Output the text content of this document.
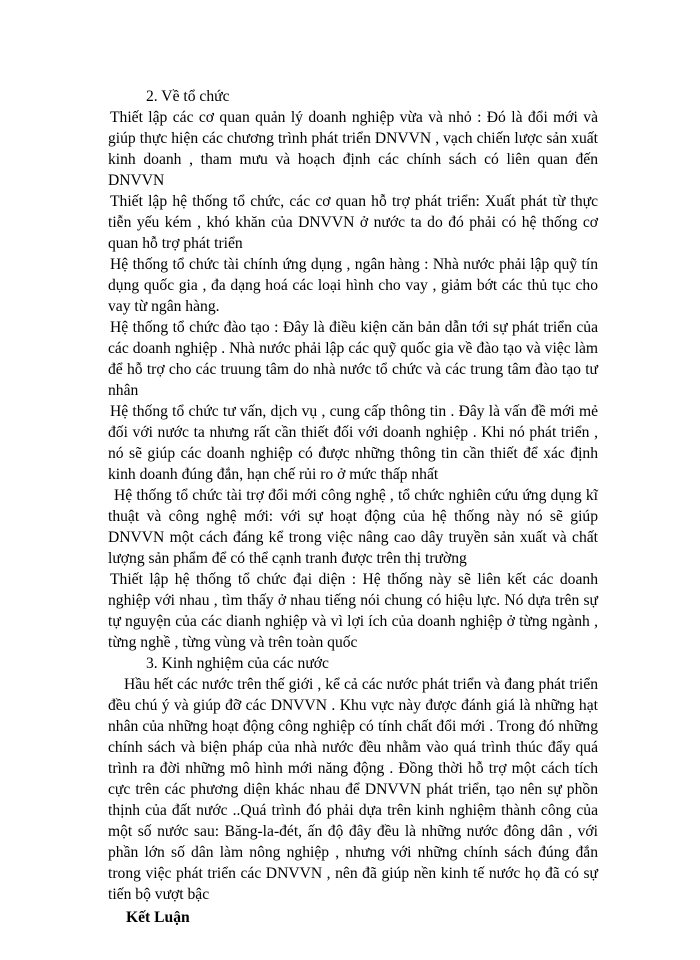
2. Về tổ chức

Thiết lập các cơ quan quản lý doanh nghiệp vừa và nhỏ : Đó là đổi mới và giúp thực hiện các chương trình phát triển DNVVN , vạch chiến lược sản xuất kinh doanh , tham mưu và hoạch định các chính sách có liên quan đến DNVVN

Thiết lập hệ thống tổ chức, các cơ quan hỗ trợ phát triển: Xuất phát từ thực tiễn yếu kém , khó khăn của DNVVN ở nước ta do đó phải có hệ thống cơ quan hỗ trợ phát triển

Hệ thống tổ chức tài chính ứng dụng , ngân hàng : Nhà nước phải lập quỹ tín dụng quốc gia , đa dạng hoá các loại hình cho vay , giảm bớt các thủ tục cho vay từ ngân hàng.

Hệ thống tổ chức đào tạo : Đây là điều kiện căn bản dẫn tới sự phát triển của các doanh nghiệp . Nhà nước phải lập các quỹ quốc gia về đào tạo và việc làm để hỗ trợ cho các truung tâm do nhà nước tổ chức và các trung tâm đào tạo tư nhân

Hệ thống tổ chức tư vấn, dịch vụ , cung cấp thông tin . Đây là vấn đề mới mẻ đối với nước ta nhưng rất cần thiết đối với doanh nghiệp . Khi nó phát triển , nó sẽ giúp các doanh nghiệp có được những thông tin cần thiết để xác định kinh doanh đúng đắn, hạn chế rủi ro ở mức thấp nhất

Hệ thống tổ chức tài trợ đổi mới công nghệ , tổ chức nghiên cứu ứng dụng kĩ thuật và công nghệ mới: với sự hoạt động của hệ thống này nó sẽ giúp DNVVN một cách đáng kể trong việc nâng cao dây truyền sản xuất và chất lượng sản phẩm để có thể cạnh tranh được trên thị trường

Thiết lập hệ thống tổ chức đại diện : Hệ thống này sẽ liên kết các doanh nghiệp với nhau , tìm thấy ở nhau tiếng nói chung có hiệu lực. Nó dựa trên sự tự nguyện của các dianh nghiệp và vì lợi ích của doanh nghiệp ở từng ngành , từng nghề , từng vùng và trên toàn quốc

3. Kinh nghiệm của các nước

Hầu hết các nước trên thế giới , kể cả các nước phát triển và đang phát triển đều chú ý và giúp đỡ các DNVVN . Khu vực này được đánh giá là những hạt nhân của những hoạt động công nghiệp có tính chất đổi mới . Trong đó những chính sách và biện pháp của nhà nước đều nhằm vào quá trình thúc đẩy quá trình ra đời những mô hình mới năng động . Đồng thời hỗ trợ một cách tích cực trên các phương diện khác nhau để DNVVN phát triển, tạo nên sự phồn thịnh của đất nước ..Quá trình đó phải dựa trên kinh nghiệm thành công của một số nước sau: Băng-la-đét, ấn độ đây đều là những nước đông dân , với phần lớn số dân làm nông nghiệp , nhưng với những chính sách đúng đắn trong việc phát triển các DNVVN , nên đã giúp nền kinh tế nước họ đã có sự tiến bộ vượt bậc

Kết Luận
